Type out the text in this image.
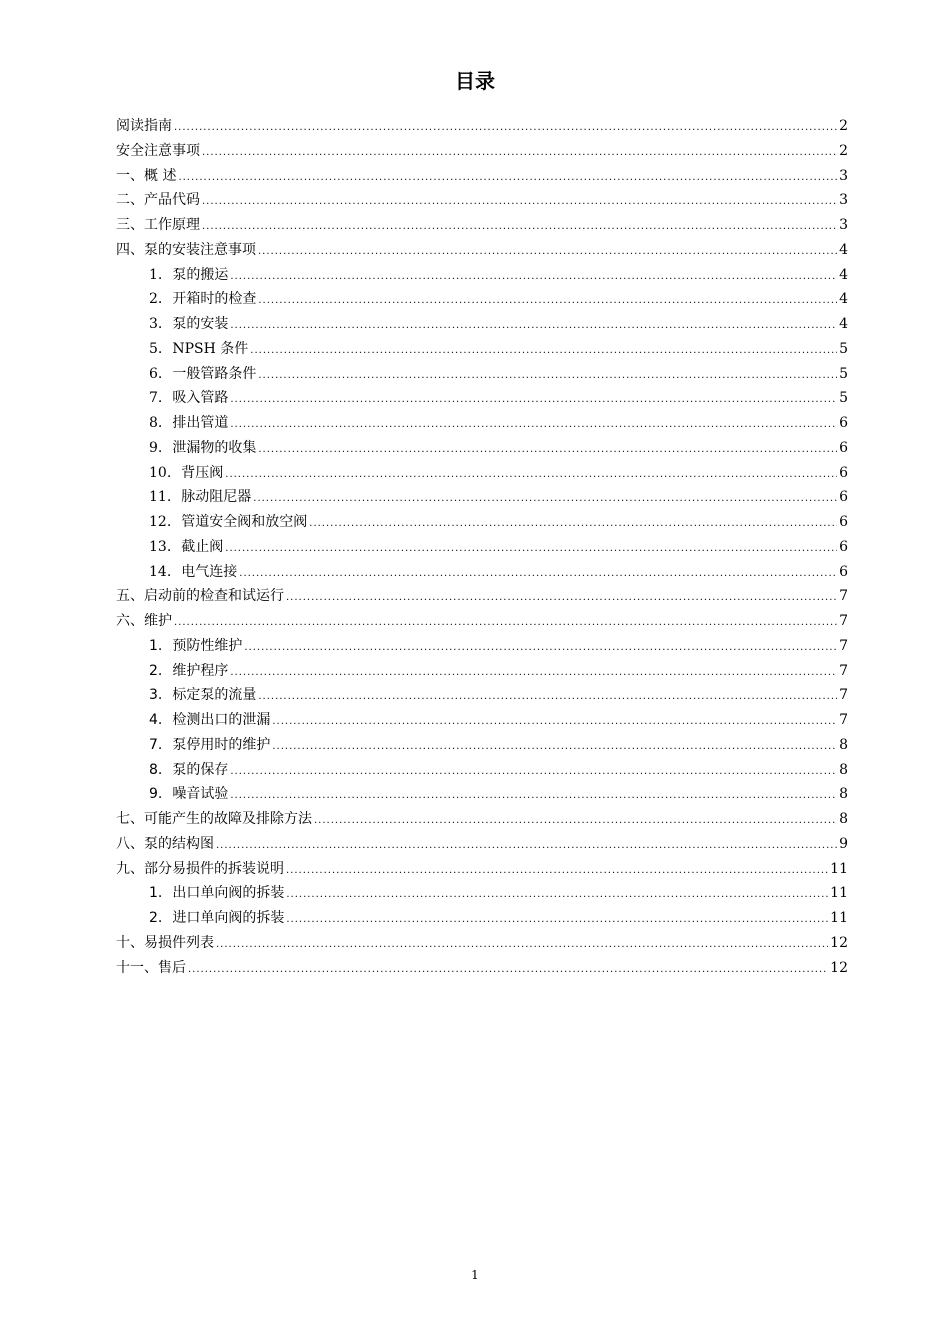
目录
阅读指南 .....	2
安全注意事项 .....	2
一、 概 述 .....	3
二、 产品代码 .....	3
三、 工作原理 .....	3
四、 泵的安装注意事项 .....	4
1. 泵的搬运 .....	4
2. 开箱时的检查 .....	4
3. 泵的安装 .....	4
5. NPSH 条件 .....	5
6. 一般管路条件 .....	5
7. 吸入管路 .....	5
8. 排出管道 .....	6
9. 泄漏物的收集 .....	6
10. 背压阀 .....	6
11. 脉动阻尼器 .....	6
12. 管道安全阀和放空阀 .....	6
13. 截止阀 .....	6
14. 电气连接 .....	6
五、 启动前的检查和试运行 .....	7
六、 维护 .....	7
1. 预防性维护 .....	7
2. 维护程序 .....	7
3. 标定泵的流量 .....	7
4. 检测出口的泄漏 .....	7
7. 泵停用时的维护 .....	8
8. 泵的保存 .....	8
9. 噪音试验 .....	8
七、 可能产生的故障及排除方法 .....	8
八、 泵的结构图 .....	9
九、 部分易损件的拆装说明 .....	11
1. 出口单向阀的拆装 .....	11
2. 进口单向阀的拆装 .....	11
十、 易损件列表 .....	12
十一、 售后 .....	12
1
